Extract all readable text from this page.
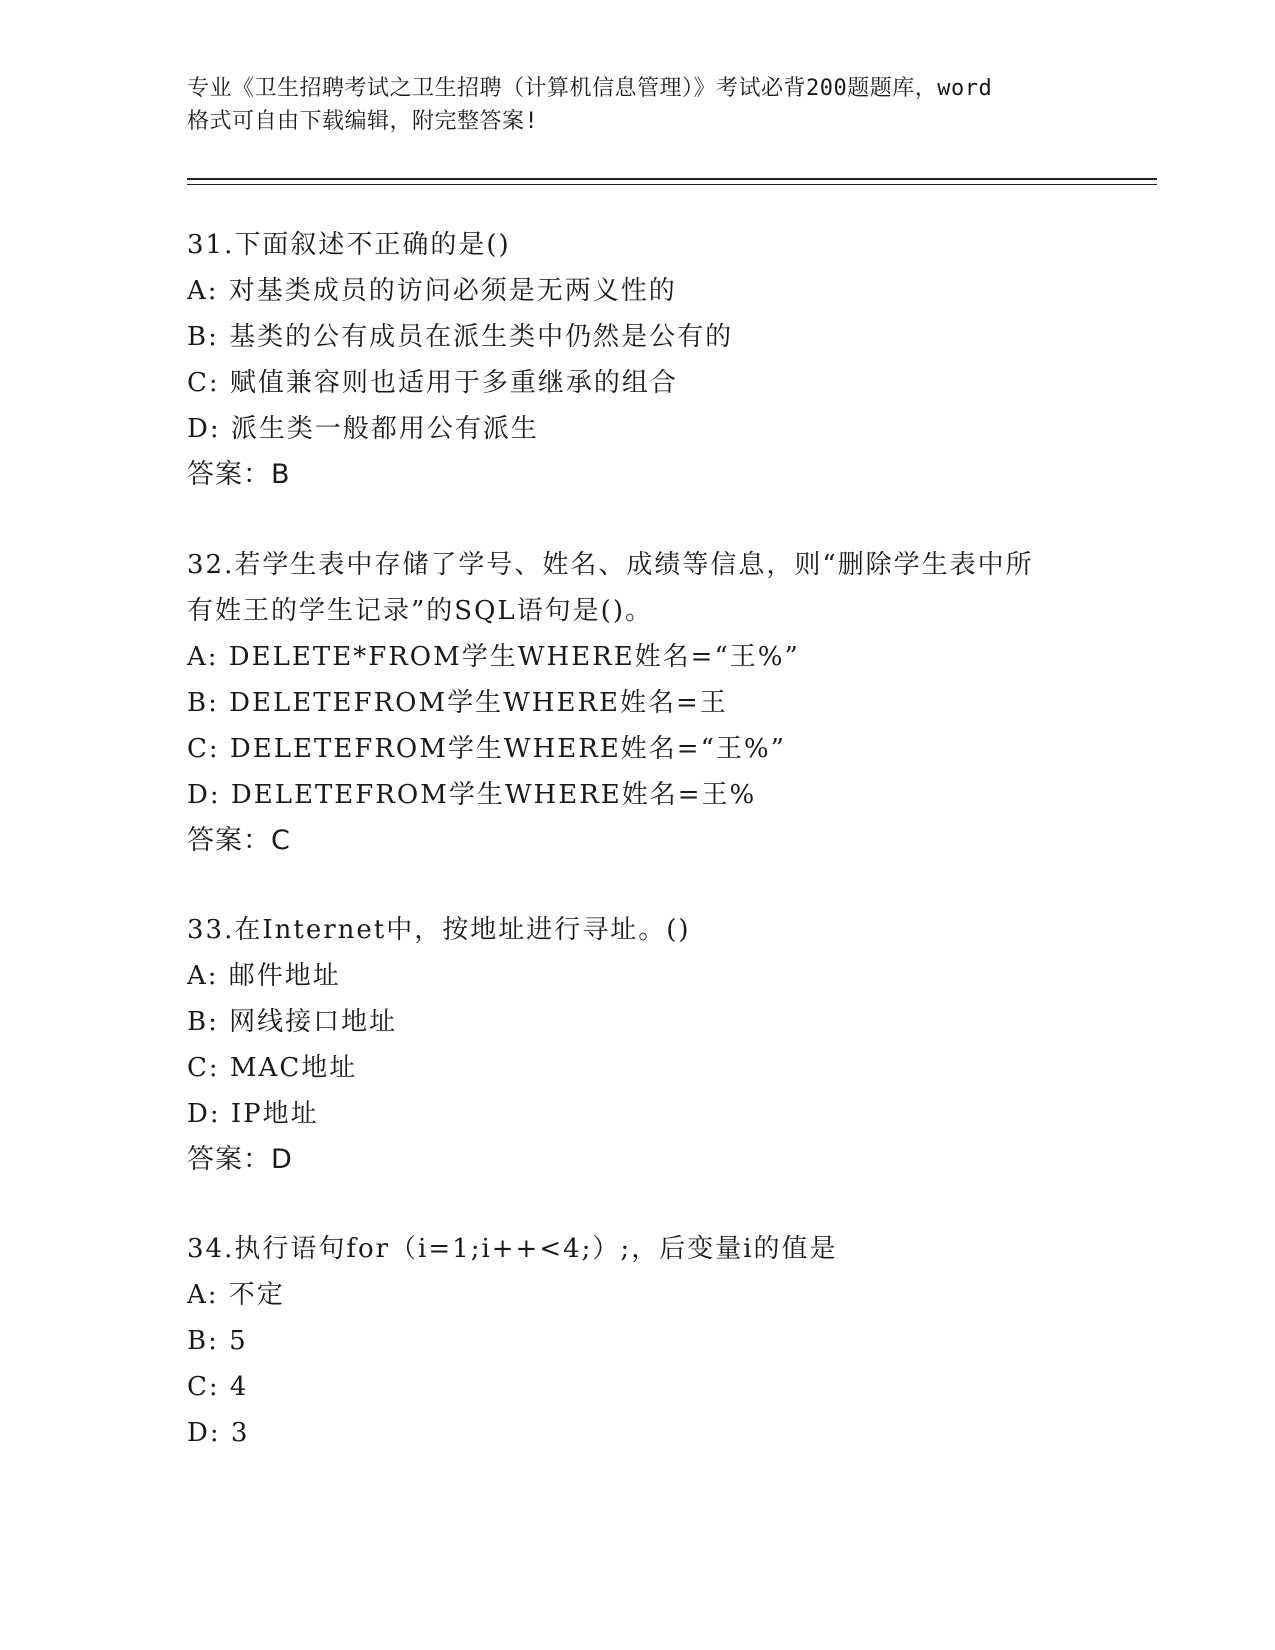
专业《卫生招聘考试之卫生招聘（计算机信息管理）》考试必背200题题库，word
格式可自由下载编辑，附完整答案!
31.下面叙述不正确的是()
A: 对基类成员的访问必须是无两义性的
B: 基类的公有成员在派生类中仍然是公有的
C: 赋值兼容则也适用于多重继承的组合
D: 派生类一般都用公有派生
答案：B
32.若学生表中存储了学号、姓名、成绩等信息，则“删除学生表中所
有姓王的学生记录”的SQL语句是()。
A: DELETE*FROM学生WHERE姓名=“王%”
B: DELETEFROM学生WHERE姓名=王
C: DELETEFROM学生WHERE姓名=“王%”
D: DELETEFROM学生WHERE姓名=王%
答案：C
33.在Internet中，按地址进行寻址。()
A: 邮件地址
B: 网线接口地址
C: MAC地址
D: IP地址
答案：D
34.执行语句for（i=1;i++<4;）;，后变量i的值是
A: 不定
B: 5
C: 4
D: 3
